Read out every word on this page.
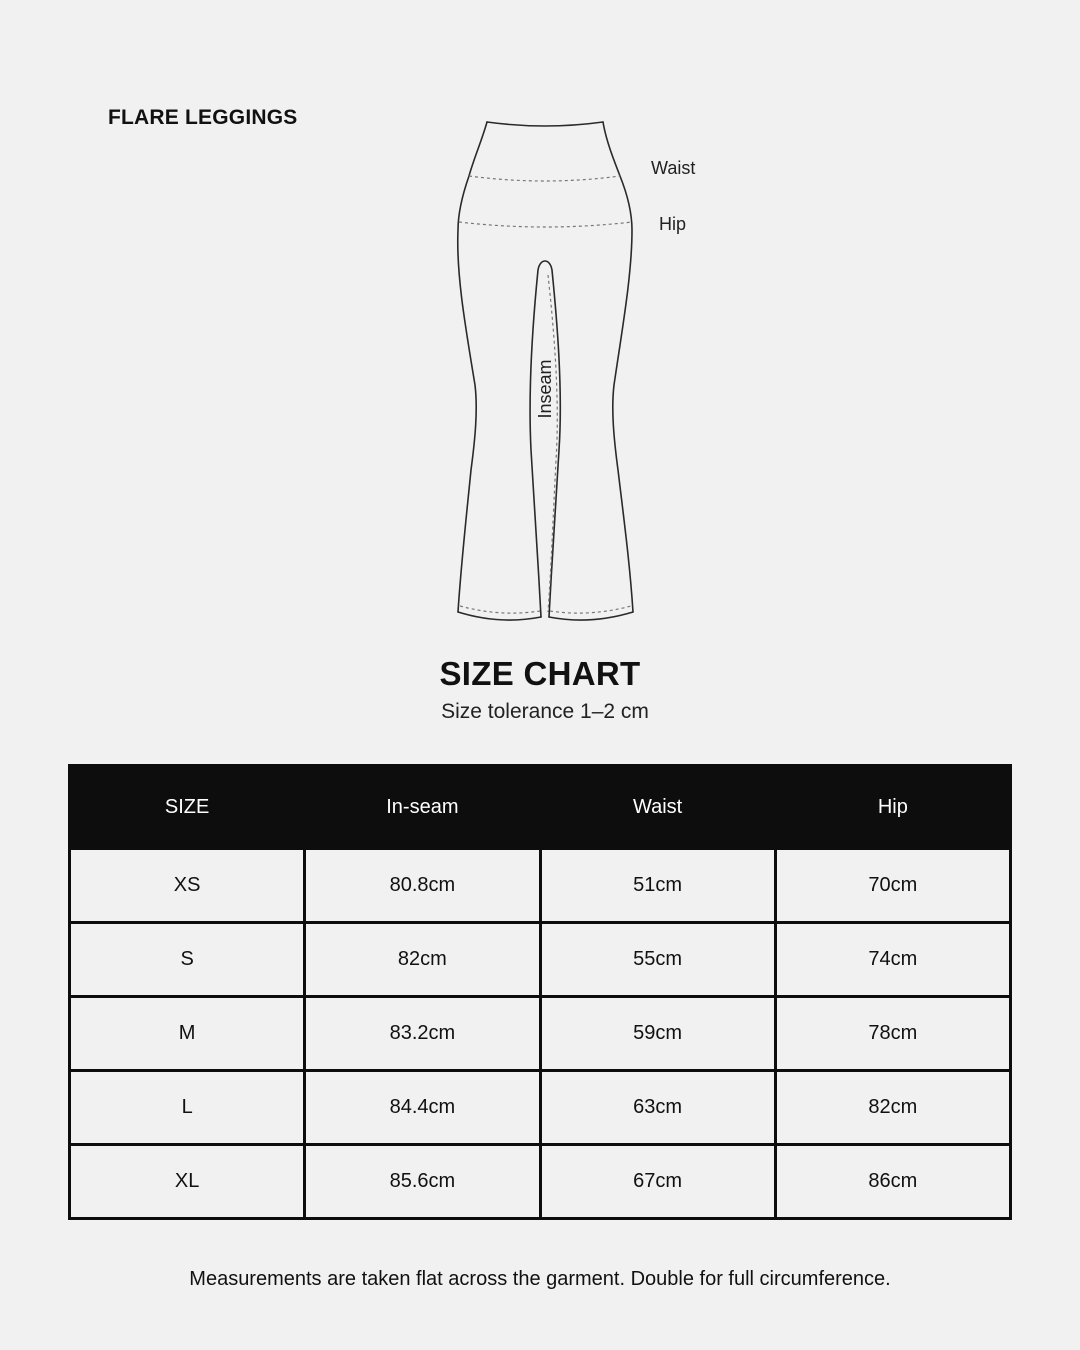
FLARE LEGGINGS
Waist
Hip
Inseam
SIZE CHART
Size tolerance 1–2 cm
SIZE	In-seam	Waist	Hip
XS	80.8cm	51cm	70cm
S	82cm	55cm	74cm
M	83.2cm	59cm	78cm
L	84.4cm	63cm	82cm
XL	85.6cm	67cm	86cm
Measurements are taken flat across the garment. Double for full circumference.
